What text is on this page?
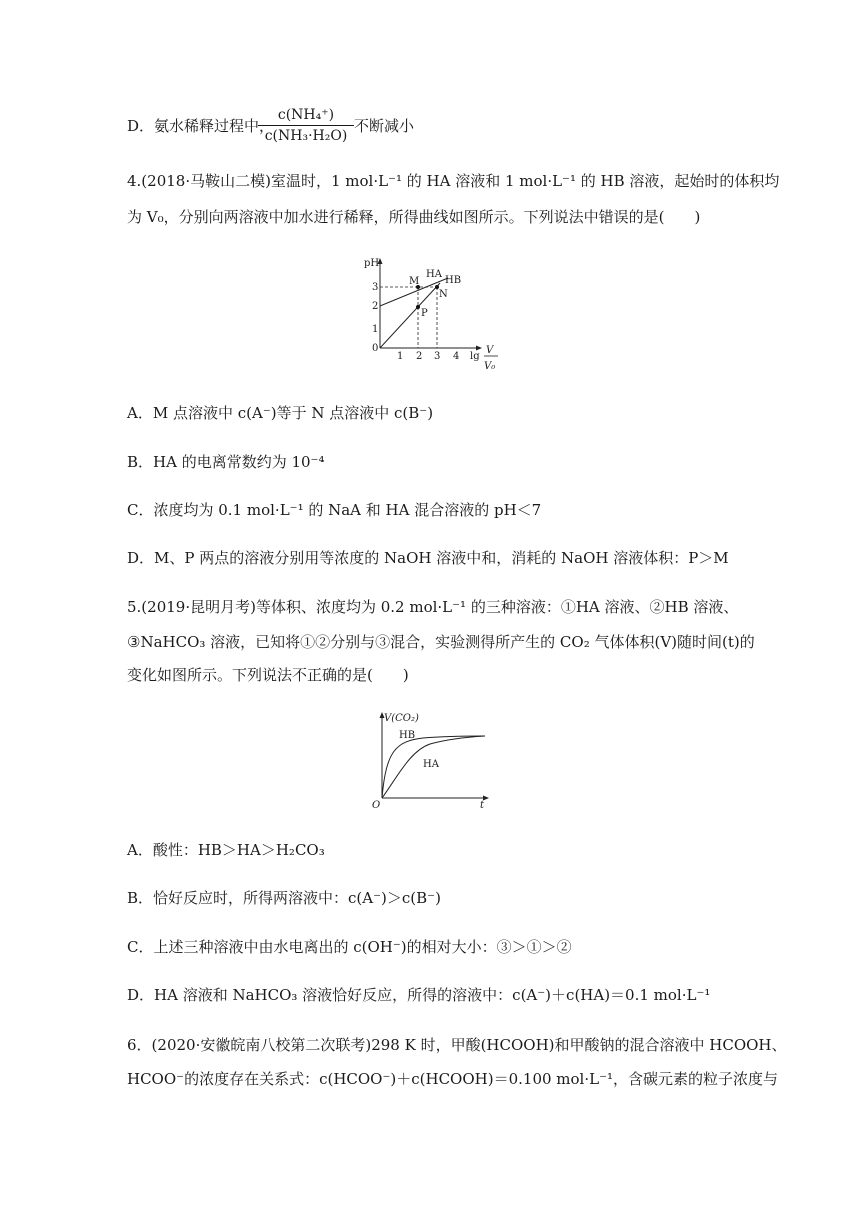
D．氨水稀释过程中，
c(NH₄⁺)
c(NH₃·H₂O)
不断减小
4.(2018·马鞍山二模)室温时，1 mol·L⁻¹ 的 HA 溶液和 1 mol·L⁻¹ 的 HB 溶液，起始时的体积均
为 V₀，分别向两溶液中加水进行稀释，所得曲线如图所示。下列说法中错误的是(　　)
pH
0
1
2
3
1 2 3 4 lg
V
V₀
M
HA
HB
N
P
A．M 点溶液中 c(A⁻)等于 N 点溶液中 c(B⁻)
B．HA 的电离常数约为 10⁻⁴
C．浓度均为 0.1 mol·L⁻¹ 的 NaA 和 HA 混合溶液的 pH＜7
D．M、P 两点的溶液分别用等浓度的 NaOH 溶液中和，消耗的 NaOH 溶液体积：P＞M
5.(2019·昆明月考)等体积、浓度均为 0.2 mol·L⁻¹ 的三种溶液：①HA 溶液、②HB 溶液、
③NaHCO₃ 溶液，已知将①②分别与③混合，实验测得所产生的 CO₂ 气体体积(V)随时间(t)的
变化如图所示。下列说法不正确的是(　　)
V(CO₂)
O	t
HB
HA
A．酸性：HB＞HA＞H₂CO₃
B．恰好反应时，所得两溶液中：c(A⁻)＞c(B⁻)
C．上述三种溶液中由水电离出的 c(OH⁻)的相对大小：③＞①＞②
D．HA 溶液和 NaHCO₃ 溶液恰好反应，所得的溶液中：c(A⁻)＋c(HA)＝0.1 mol·L⁻¹
6．(2020·安徽皖南八校第二次联考)298 K 时，甲酸(HCOOH)和甲酸钠的混合溶液中 HCOOH、
HCOO⁻的浓度存在关系式：c(HCOO⁻)＋c(HCOOH)＝0.100 mol·L⁻¹，含碳元素的粒子浓度与
